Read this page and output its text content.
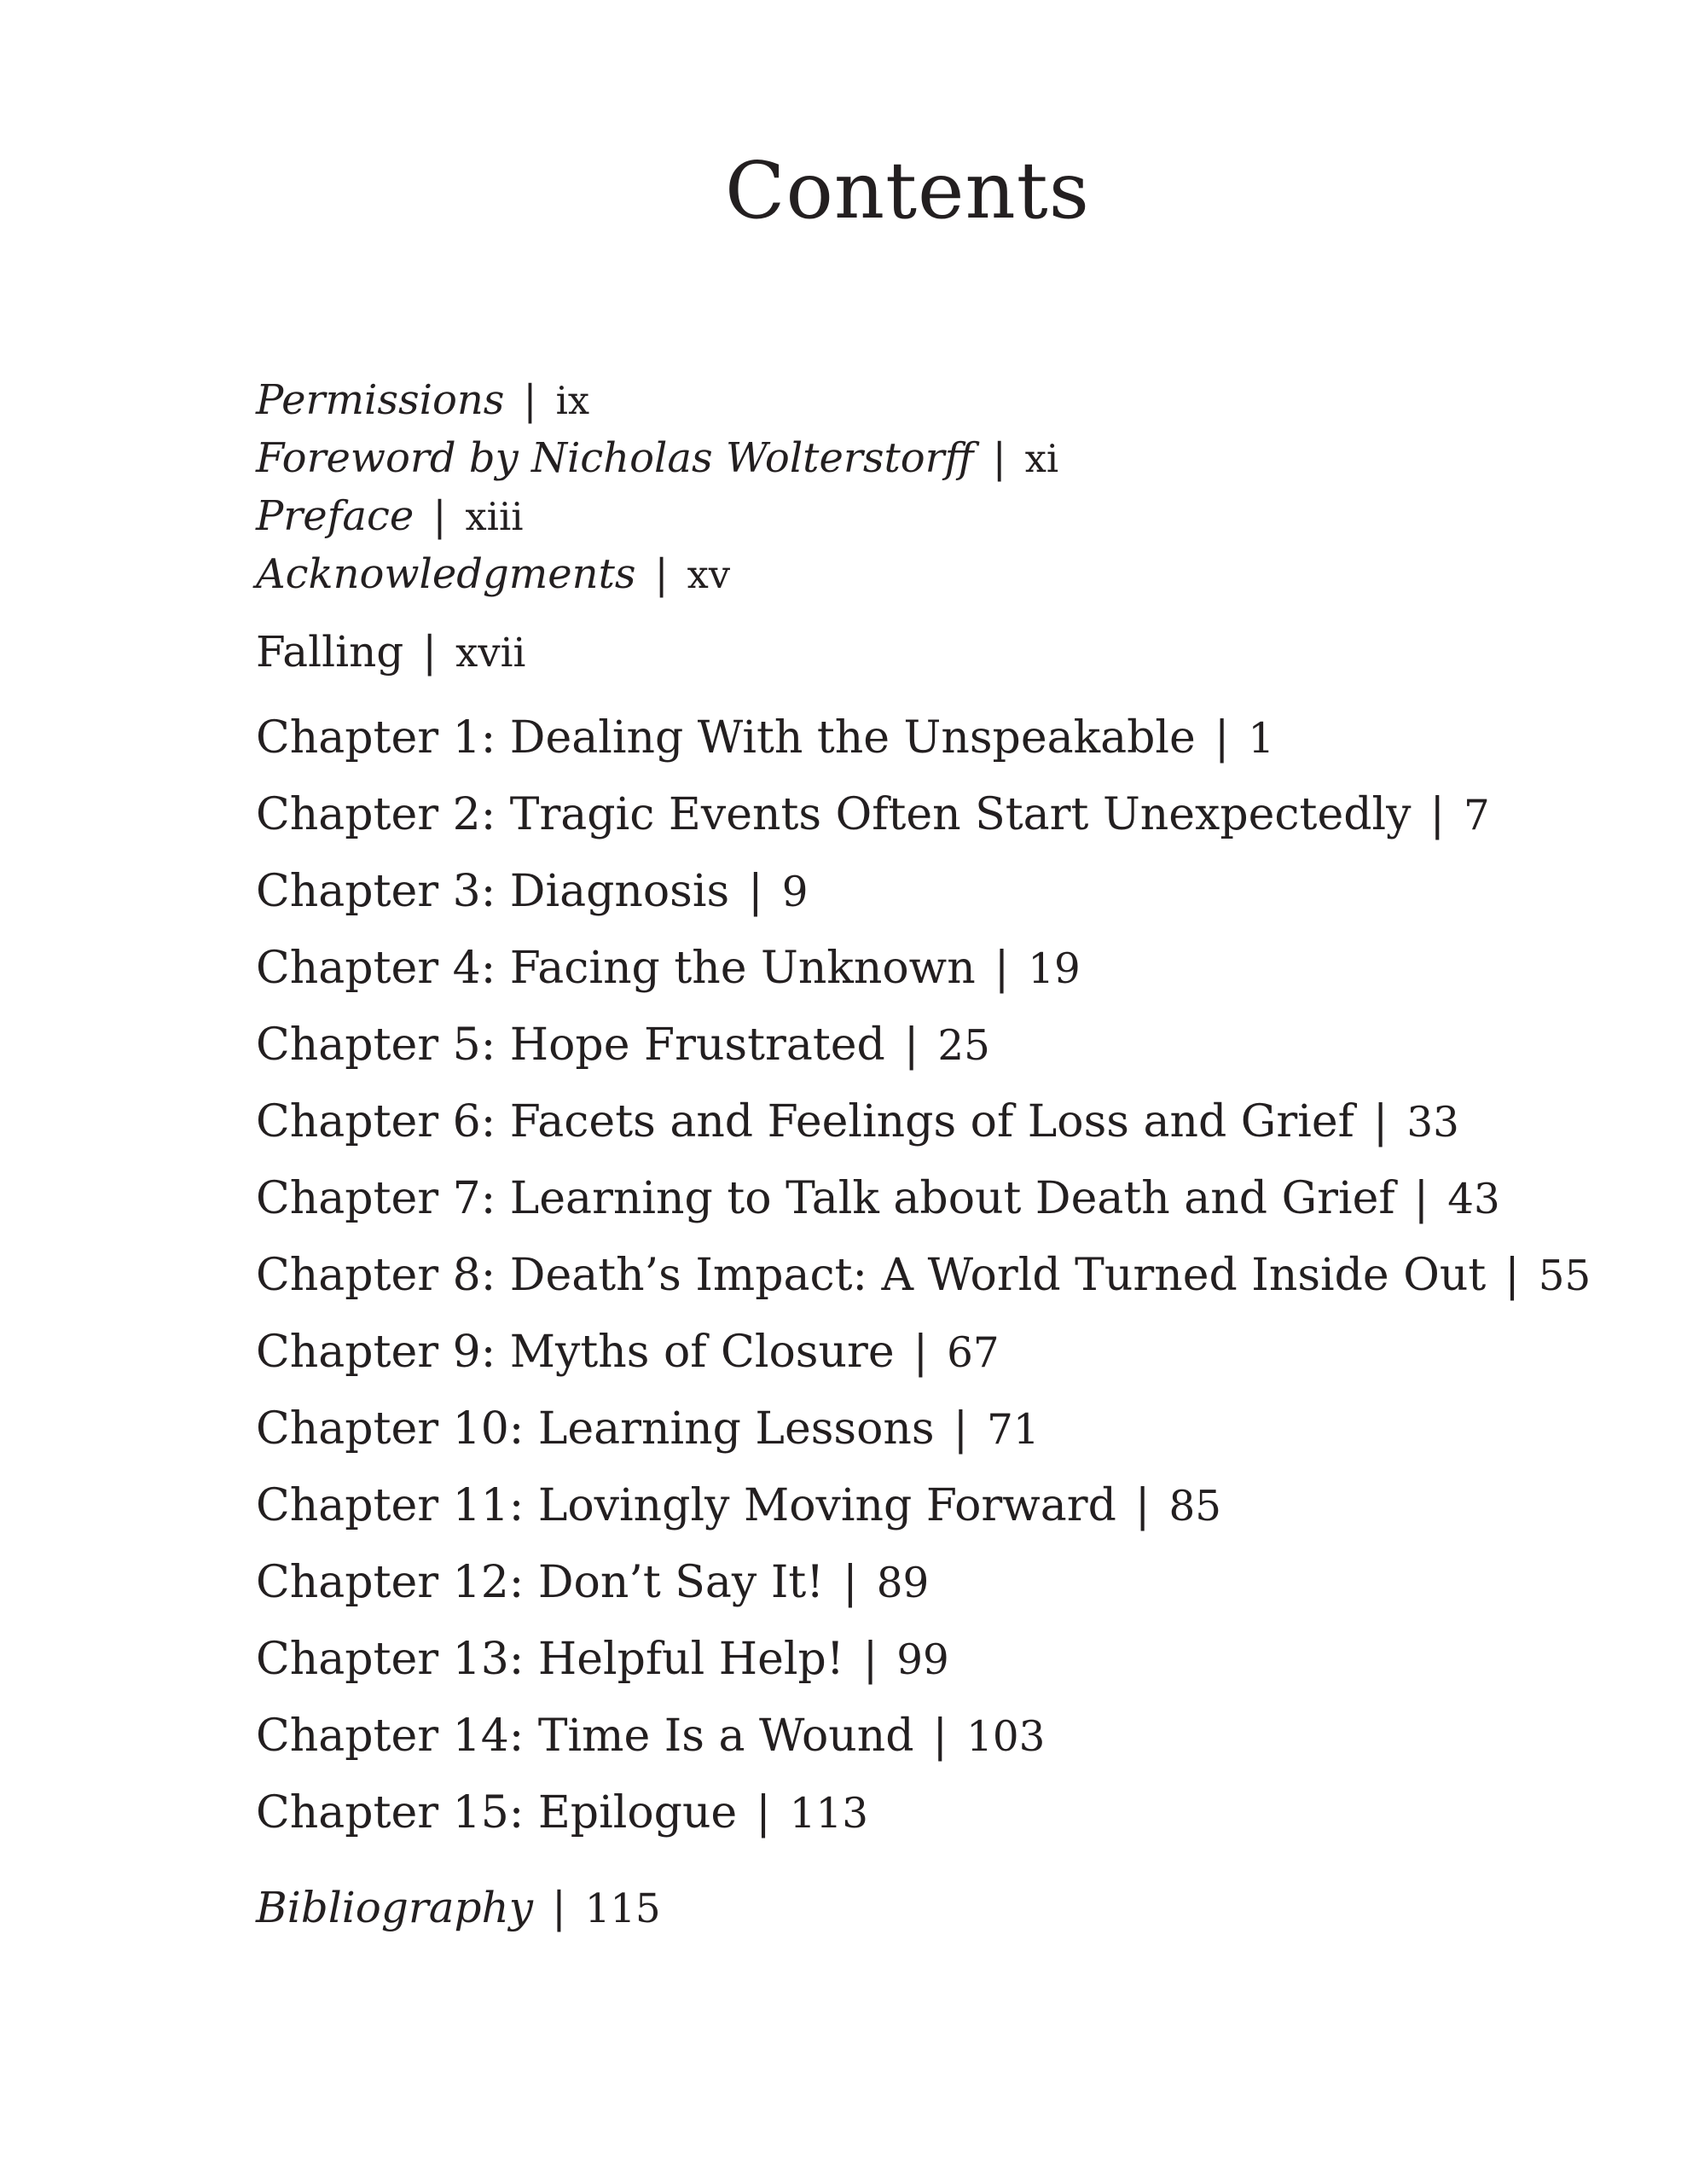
Contents
Permissions | ix
Foreword by Nicholas Wolterstorff | xi
Preface | xiii
Acknowledgments | xv
Falling | xvii
Chapter 1: Dealing With the Unspeakable | 1
Chapter 2: Tragic Events Often Start Unexpectedly | 7
Chapter 3: Diagnosis | 9
Chapter 4: Facing the Unknown | 19
Chapter 5: Hope Frustrated | 25
Chapter 6: Facets and Feelings of Loss and Grief | 33
Chapter 7: Learning to Talk about Death and Grief | 43
Chapter 8: Death’s Impact: A World Turned Inside Out | 55
Chapter 9: Myths of Closure | 67
Chapter 10: Learning Lessons | 71
Chapter 11: Lovingly Moving Forward | 85
Chapter 12: Don’t Say It! | 89
Chapter 13: Helpful Help! | 99
Chapter 14: Time Is a Wound | 103
Chapter 15: Epilogue | 113
Bibliography | 115
